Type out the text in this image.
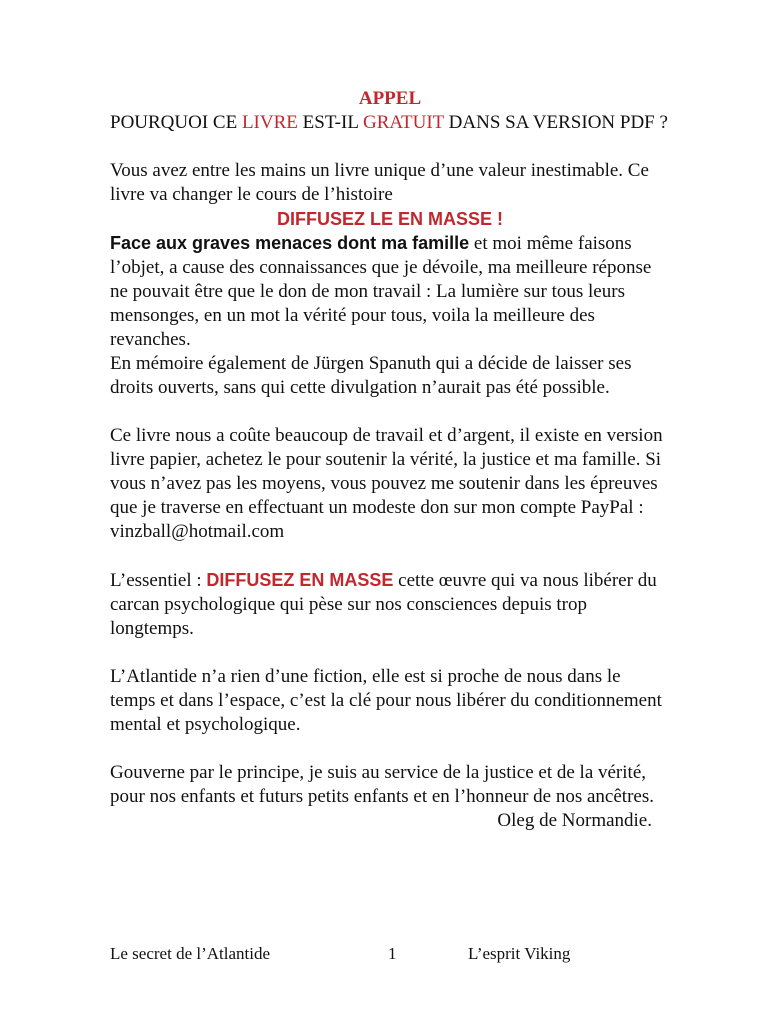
APPEL
POURQUOI CE LIVRE EST-IL GRATUIT DANS SA VERSION PDF ?
Vous avez entre les mains un livre unique d’une valeur inestimable. Ce livre va changer le cours de l’histoire
DIFFUSEZ LE EN MASSE !
Face aux graves menaces dont ma famille et moi même faisons l’objet, a cause des connaissances que je dévoile, ma meilleure réponse ne pouvait être que le don de mon travail : La lumière sur tous leurs mensonges, en un mot la vérité pour tous, voila la meilleure des revanches.
En mémoire également de Jürgen Spanuth qui a décide de laisser ses droits ouverts, sans qui cette divulgation n’aurait pas été possible.
Ce livre nous a coûte beaucoup de travail et d’argent, il existe en version livre papier, achetez le pour soutenir la vérité, la justice et ma famille. Si vous n’avez pas les moyens, vous pouvez me soutenir dans les épreuves que je traverse en effectuant un modeste don sur mon compte PayPal : vinzball@hotmail.com
L’essentiel : DIFFUSEZ EN MASSE cette œuvre qui va nous libérer du carcan psychologique qui pèse sur nos consciences depuis trop longtemps.
L’Atlantide n’a rien d’une fiction, elle est si proche de nous dans le temps et dans l’espace, c’est la clé pour nous libérer du conditionnement mental et psychologique.
Gouverne par le principe, je suis au service de la justice et de la vérité, pour nos enfants et futurs petits enfants et en l’honneur de nos ancêtres.
Oleg de Normandie.
Le secret de l’Atlantide	1	L’esprit Viking
